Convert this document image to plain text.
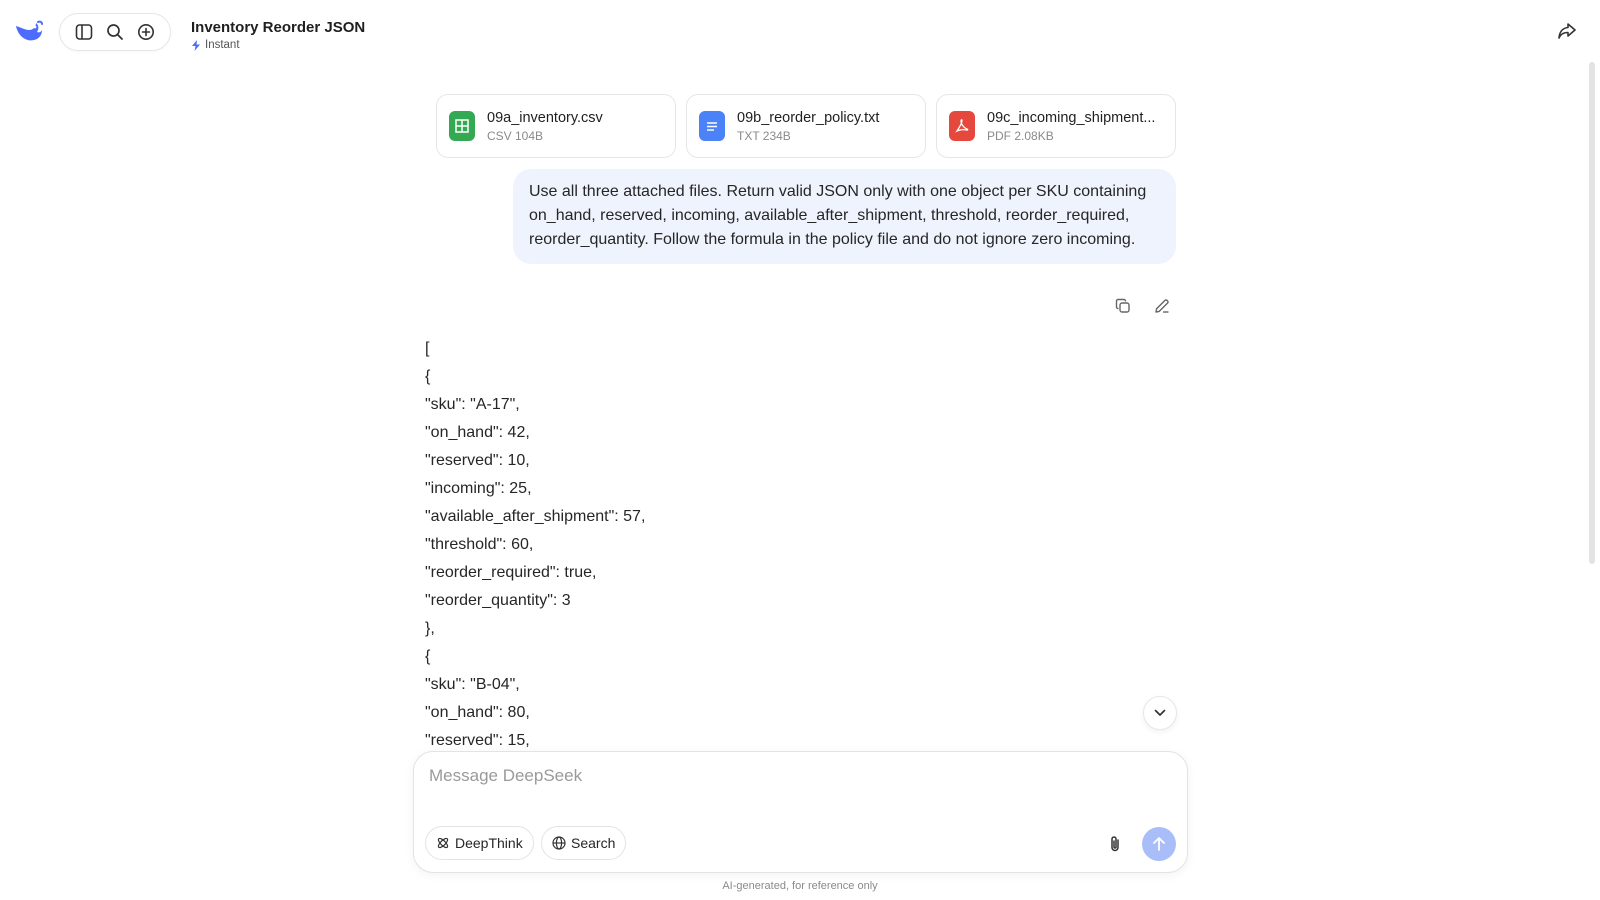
Inventory Reorder JSON
Instant
09a_inventory.csv
CSV 104B
09b_reorder_policy.txt
TXT 234B
09c_incoming_shipment...
PDF 2.08KB
Use all three attached files. Return valid JSON only with one object per SKU containing on_hand, reserved, incoming, available_after_shipment, threshold, reorder_required, reorder_quantity. Follow the formula in the policy file and do not ignore zero incoming.
[
{
"sku": "A-17",
"on_hand": 42,
"reserved": 10,
"incoming": 25,
"available_after_shipment": 57,
"threshold": 60,
"reorder_required": true,
"reorder_quantity": 3
},
{
"sku": "B-04",
"on_hand": 80,
"reserved": 15,
Message DeepSeek
DeepThink	Search
AI-generated, for reference only
